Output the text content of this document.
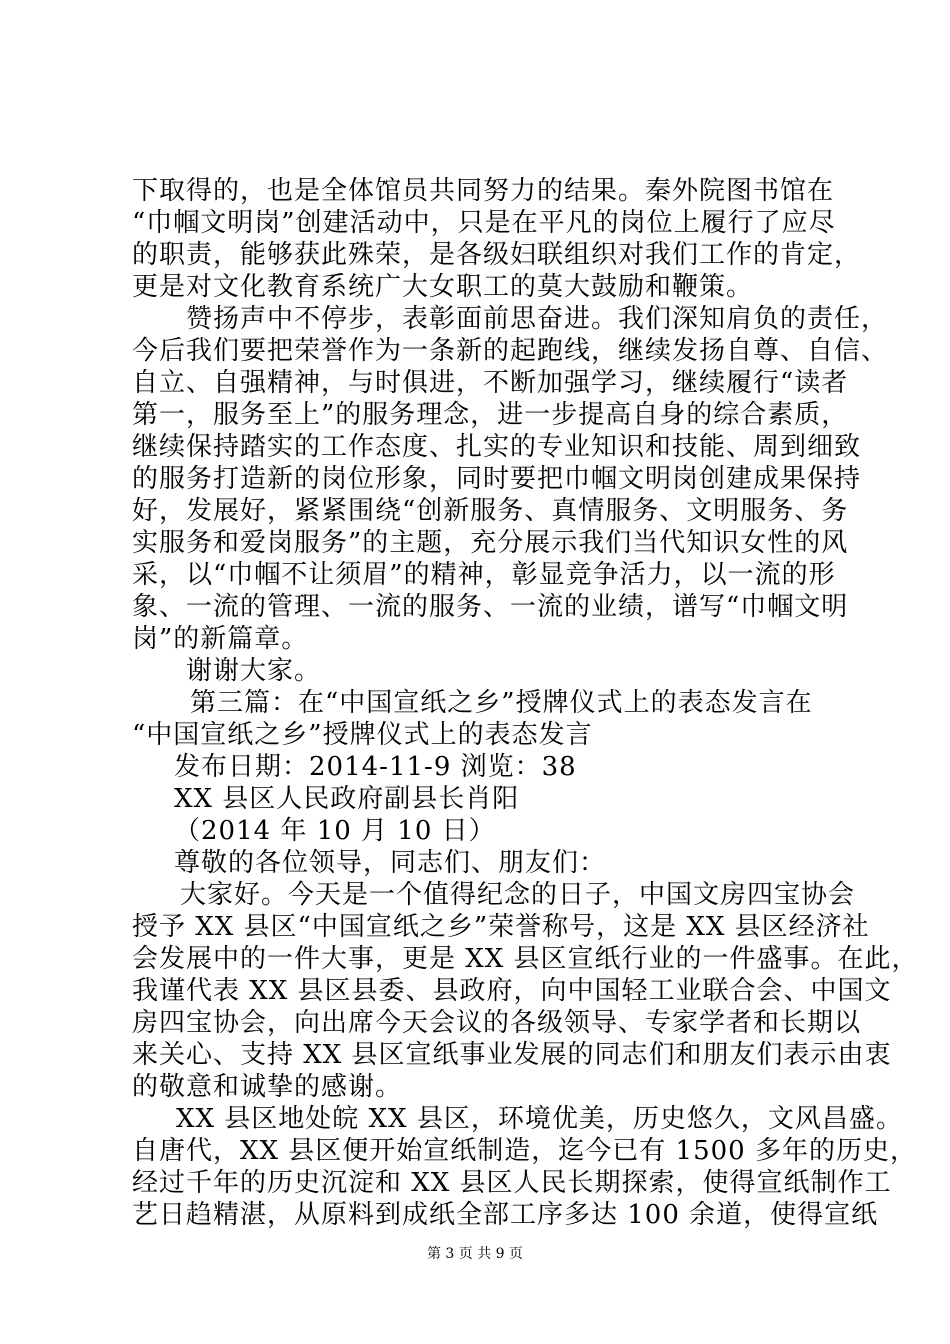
下取得的，也是全体馆员共同努力的结果。秦外院图书馆在
“巾帼文明岗”创建活动中，只是在平凡的岗位上履行了应尽
的职责，能够获此殊荣，是各级妇联组织对我们工作的肯定，
更是对文化教育系统广大女职工的莫大鼓励和鞭策。
赞扬声中不停步，表彰面前思奋进。我们深知肩负的责任，
今后我们要把荣誉作为一条新的起跑线，继续发扬自尊、自信、
自立、自强精神，与时俱进，不断加强学习，继续履行“读者
第一，服务至上”的服务理念，进一步提高自身的综合素质，
继续保持踏实的工作态度、扎实的专业知识和技能、周到细致
的服务打造新的岗位形象，同时要把巾帼文明岗创建成果保持
好，发展好，紧紧围绕“创新服务、真情服务、文明服务、务
实服务和爱岗服务”的主题，充分展示我们当代知识女性的风
采，以“巾帼不让须眉”的精神，彰显竞争活力，以一流的形
象、一流的管理、一流的服务、一流的业绩，谱写“巾帼文明
岗”的新篇章。
谢谢大家。
第三篇：在“中国宣纸之乡”授牌仪式上的表态发言在
“中国宣纸之乡”授牌仪式上的表态发言
发布日期：2014-11-9 浏览：38
XX 县区人民政府副县长肖阳
（2014 年 10 月 10 日）
尊敬的各位领导，同志们、朋友们：
大家好。今天是一个值得纪念的日子，中国文房四宝协会
授予 XX 县区“中国宣纸之乡”荣誉称号，这是 XX 县区经济社
会发展中的一件大事，更是 XX 县区宣纸行业的一件盛事。在此，
我谨代表 XX 县区县委、县政府，向中国轻工业联合会、中国文
房四宝协会，向出席今天会议的各级领导、专家学者和长期以
来关心、支持 XX 县区宣纸事业发展的同志们和朋友们表示由衷
的敬意和诚挚的感谢。
XX 县区地处皖 XX 县区，环境优美，历史悠久，文风昌盛。
自唐代，XX 县区便开始宣纸制造，迄今已有 1500 多年的历史，
经过千年的历史沉淀和 XX 县区人民长期探索，使得宣纸制作工
艺日趋精湛，从原料到成纸全部工序多达 100 余道，使得宣纸
第 3 页 共 9 页
